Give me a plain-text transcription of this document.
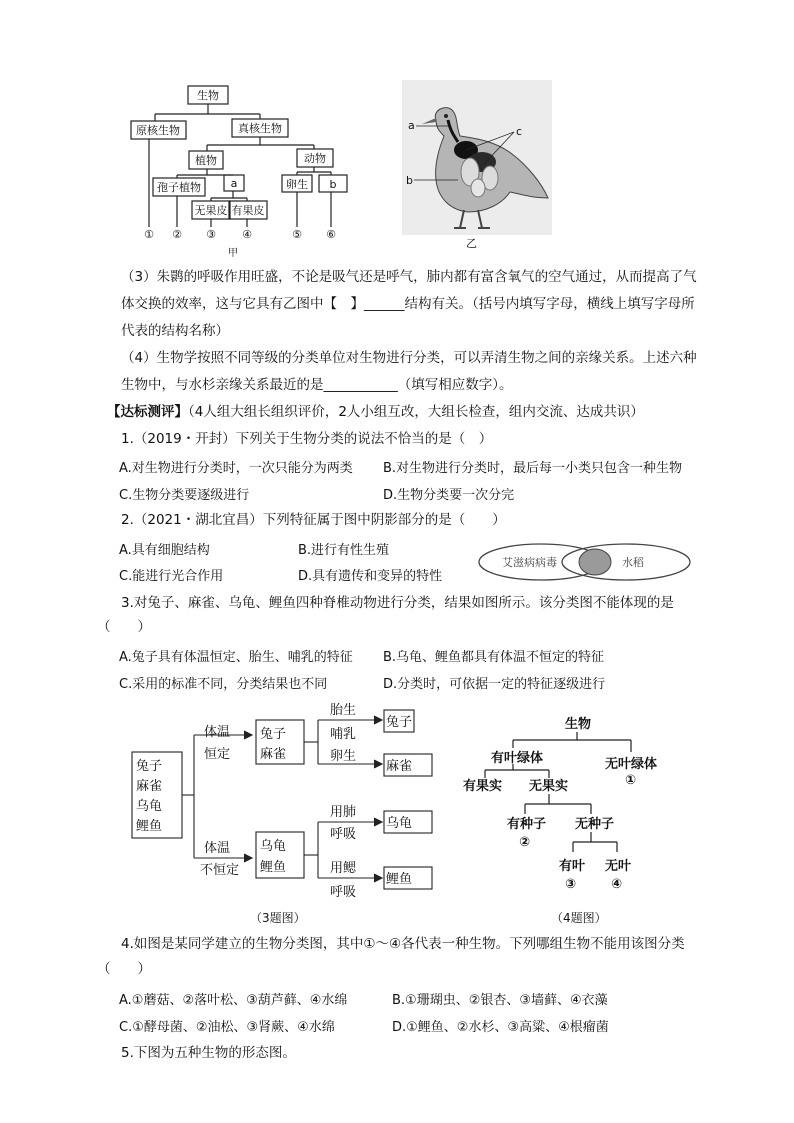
生物
原核生物	真核生物
植物	动物
孢子植物	a
无果皮 有果皮
卵生 b
① ② ③ ④	⑤ ⑥
甲
a
b
c
乙
（3）朱鹮的呼吸作用旺盛，不论是吸气还是呼气，肺内都有富含氧气的空气通过，从而提高了气体交换的效率，这与它具有乙图中【　】______结构有关。（括号内填写字母，横线上填写字母所代表的结构名称）
（4）生物学按照不同等级的分类单位对生物进行分类，可以弄清生物之间的亲缘关系。上述六种生物中，与水杉亲缘关系最近的是___________（填写相应数字）。
【达标测评】（4人组大组长组织评价，2人小组互改，大组长检查，组内交流、达成共识）
1.（2019・开封）下列关于生物分类的说法不恰当的是（　）
A.对生物进行分类时，一次只能分为两类 B.对生物进行分类时，最后每一小类只包含一种生物
C.生物分类要逐级进行	D.生物分类要一次分完
2.（2021・湖北宜昌）下列特征属于图中阴影部分的是（　　）
A.具有细胞结构	B.进行有性生殖
C.能进行光合作用	D.具有遗传和变异的特性
艾滋病病毒	水稻
3.对兔子、麻雀、乌龟、鲤鱼四种脊椎动物进行分类，结果如图所示。该分类图不能体现的是
（　　）
A.兔子具有体温恒定、胎生、哺乳的特征 B.乌龟、鲤鱼都具有体温不恒定的特征
C.采用的标准不同，分类结果也不同	D.分类时，可依据一定的特征逐级进行
兔子
麻雀
乌龟
鲤鱼
体温
恒定
体温
不恒定
兔子
麻雀
乌龟
鲤鱼
胎生
哺乳
卵生
用肺
呼吸
用鳃
呼吸
兔子
麻雀
乌龟
鲤鱼
（3题图）
生物
有叶绿体	无叶绿体
①
有果实 无果实
有种子
②
无种子
有叶
③
无叶
④
（4题图）
4.如图是某同学建立的生物分类图，其中①～④各代表一种生物。下列哪组生物不能用该图分类
（　　）
A.①蘑菇、②落叶松、③葫芦藓、④水绵	B.①珊瑚虫、②银杏、③墙藓、④衣藻
C.①酵母菌、②油松、③肾蕨、④水绵	D.①鲤鱼、②水杉、③高粱、④根瘤菌
5.下图为五种生物的形态图。
